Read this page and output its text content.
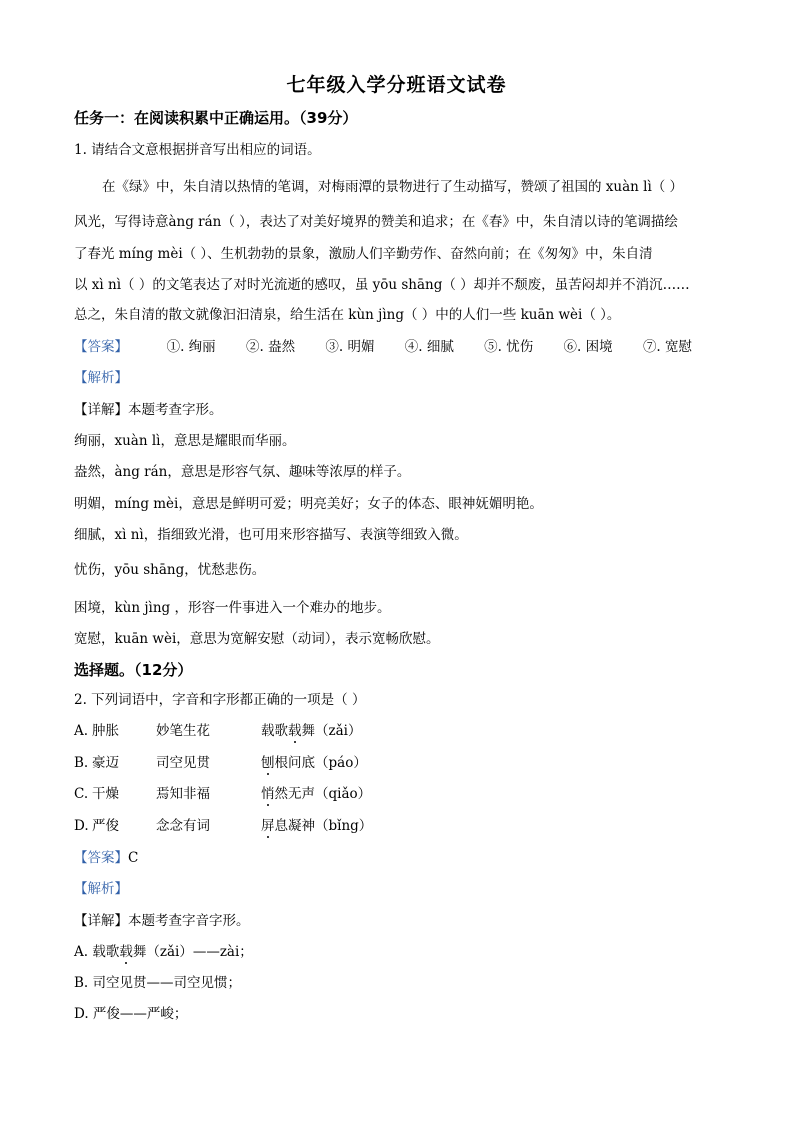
七年级入学分班语文试卷
任务一：在阅读积累中正确运用。（39分）
1. 请结合文意根据拼音写出相应的词语。
在《绿》中，朱自清以热情的笔调，对梅雨潭的景物进行了生动描写，赞颂了祖国的 xuàn lì（ ）
风光，写得诗意àng rán（ ），表达了对美好境界的赞美和追求；在《春》中，朱自清以诗的笔调描绘
了春光 míng mèi（ ）、生机勃勃的景象，激励人们辛勤劳作、奋然向前；在《匆匆》中，朱自清
以 xì nì（ ）的文笔表达了对时光流逝的感叹，虽 yōu shāng（ ）却并不颓废，虽苦闷却并不消沉……
总之，朱自清的散文就像汩汩清泉，给生活在 kùn jìng（ ）中的人们一些 kuān wèi（ ）。
【答案】	①. 绚丽 ②. 盎然 ③. 明媚 ④. 细腻 ⑤. 忧伤 ⑥. 困境 ⑦. 宽慰
【解析】
【详解】本题考查字形。
绚丽，xuàn lì，意思是耀眼而华丽。
盎然，àng rán，意思是形容气氛、趣味等浓厚的样子。
明媚，míng mèi，意思是鲜明可爱；明亮美好；女子的体态、眼神妩媚明艳。
细腻，xì nì，指细致光滑，也可用来形容描写、表演等细致入微。
忧伤，yōu shāng，忧愁悲伤。
困境，kùn jìng ，形容一件事进入一个难办的地步。
宽慰，kuān wèi，意思为宽解安慰（动词），表示宽畅欣慰。
选择题。（12分）
2. 下列词语中，字音和字形都正确的一项是（ ）
A. 肿胀	妙笔生花	载歌载舞（zǎi）
B. 豪迈	司空见贯	刨根问底（páo）
C. 干燥	焉知非福	悄然无声（qiǎo）
D. 严俊	念念有词	屏息凝神（bǐng）
【答案】C
【解析】
【详解】本题考查字音字形。
A. 载歌载舞（zǎi）——zài；
B. 司空见贯——司空见惯；
D. 严俊——严峻；
